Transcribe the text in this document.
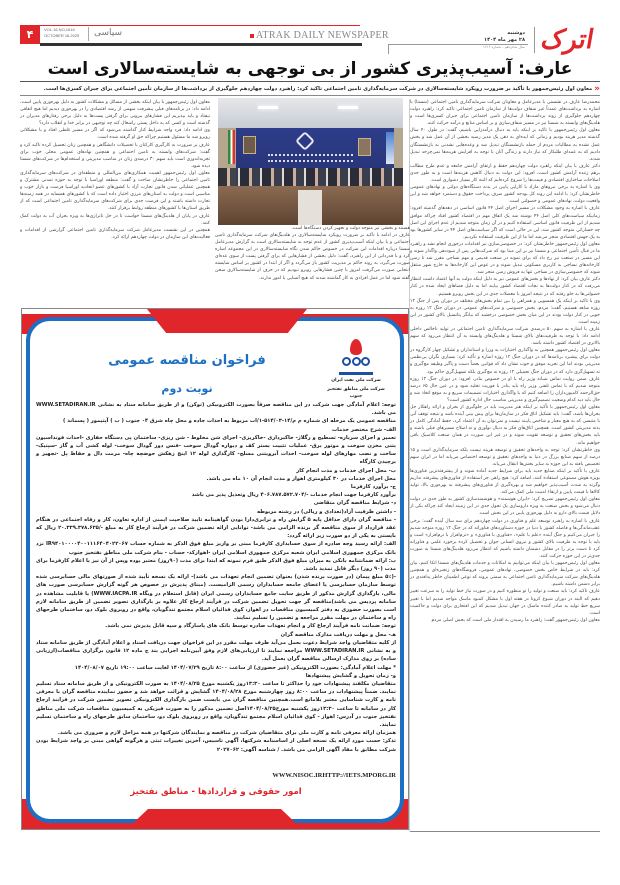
۴	VOL.16 NO.1616
OCTOBER 18.2025 سیاسی	ATRAK DAILY NEWSPAPER	دوشنبه
۲۸ مهر ماه ۱۴۰۴
سال شانزدهم - شماره ۱۶۱۶ اترک
عارف: آسیب‌پذیری کشور از بی توجهی به شایسته‌سالاری است
«معاون اول رئیس‌جمهور با تأکید بر ضرورت رویکرد شایسته‌سالاری در شرکت سرمایه‌گذاری تامین اجتماعی تاکید کرد: راهبرد دولت چهاردهم جلوگیری از برداشت‌ها از سازمان تأمین اجتماعی برای جبران کسری‌ها است.

محمدرضا عارف در نشستی با مدیرعامل و معاونان شرکت سرمایه‌گذاری تامین اجتماعی (شستا) با اشاره به برداشت‌های عمدتاً غیر شفاف دولت‌ها از سازمان تامین اجتماعی تاکید کرد: راهبرد دولت چهاردهم جلوگیری از روند برداشت‌ها از سازمان تامین اجتماعی برای جبران کسری‌ها است و هلدینگ‌های وابسته به شستا نیز در مسیر شفاف‌سازی و بر اساس منابع و درآمد حرکت کنند.

معاون اول رئیس‌جمهور با تاکید بر اینکه باید به دنبال درآمدزایی باشیم، گفت: در طول ۴۰ سال گذشته مدیر هزینه بودیم و زمانی که ایده‌ای به ذهن یک مدیر رسید بخشی از آن عمل شد و بخش عمل نشده به مطالبات مردم از جمله بازنشستگان تبدیل شد و وعده‌هایی نشدنی به بازنشستگان دادیم که به عمدای طلبکار که نیاز دارند و زندگی آنان با توجه به افزایش هزینه‌ها نمی‌چرخد تبدیل شدند.

دکتر عارف با بیان اینکه راهبرد دولت چهاردهم حفظ و ارتقای آرامش جامعه و عدم طرح مطالب برهم زننده آرامش کشور است، افزود: این دولت به دنبال کاهش هزینه‌ها است و به طور جدی اصلاحات ساختاری اقتصادی و قیمت‌ها را شروع کرده‌ایم که البته کار بسیار دشواری است.

وی با اشاره به برخی نیروهای مازاد با کارایی پایین در بدنه دستگاه‌های دولتی و نهادهای عمومی خاطرنشان کرد: با ادامه این روند کل بودجه کشور صرف پرداخت حقوق و دستمزد خواهد شد و این واقعیت دولت، نهادهای عمومی و خصولتی است.

عارف با اشاره به وجود مشکلات در مسیر اجرای اصل ۴۴ قانون اساسی در دهه‌های گذشته افزود: زمانیکه سیاست‌های کلی اصل ۴۴ نوشته شد یک اتفاق مهم در اقتصاد کشور افتاد چراکه موافق شدیم از این ظرفیت قانون اساسی استفاده کنیم و در آن زمان متوجه شدیم از عدم اجرای این اصل چه خساراتی متوجه کشور شد، این در حالی است که اگر سیاست‌های اصل ۴۴ در سایر کشورها بود به یک جهش اقتصادی منجر می‌شد اما ما از این ظرفیت استفاده نکردیم.

معاون اول رئیس‌جمهور خاطرنشان کرد: در خصوصی‌سازی نیز اقدامات درخوری انجام نشد و راهبرد ما در قبال تأمین اجتماعی و شستا نیز بر این مبنا بود که شرکت‌هایی پس از سوددهی واگذار شوند و این مسیر در صنعت نیز رخ داد که برای نمونه در صنعت قدیمی و مهم نساجی مقرر شد تا زمین کارخانه‌های نساجی به کاربری مسکونی تبدیل شوند و در عوض این کارخانه‌ها به خارج شهر منتقل شوند که خصوصی‌سازی در نساجی تنها به فروش زمین منجر شد.

دکتر عارف بیان کرد: از نهادها و بخش‌های عمومی نیز به دلیل اینکه دولت به آنها اعتماد داشت انتظار می‌رفت که در کنار دولت‌ها به نجات اقتصاد کشور بیایند اما به دلیل فضاهای ایجاد شده در کنار خصولتی‌ها به جلو رفتند که در نتیجه امروز با معضلات جدی در این بخش روبرو هستیم.

وی با تاکید بر اینکه یک همسویی و همراهی را بین تمام بخش‌های مختلف در دوران پس از جنگ ۱۲ روزه شاهد هستیم، گفت: مردم، بخش خصوصی و شرکت‌های عمومی در دوران جنگ ۱۲ روزه به خوبی در کنار دولت بودند در این میان بخش خصوصی درخشید که بیانگر پتانسیل بالای کشور در این زمینه است.

عارف با اشاره به سهم ۵۰ درصدی شرکت سرمایه‌گذاری تامین اجتماعی در تولید ناخالص داخلی ادامه داد: با توجه به ظرفیت‌های بالای شستا و هلدینگ‌های وابسته به آن انتظار می‌رود که سهم بالاتری در اقتصاد کشور داشته باشد.

معاون اول رئیس‌جمهور همچنین به واگذاری اختیارات به وزرا و استانداران و تشکیل چهار کارگروه در دولت برای پیشبرد برنامه‌ها که در دوران جنگ ۱۲ روزه اشاره و تأکید کرد: بسیاری نگران بی‌نظمی مدیریتی بودند اما این تجربه موفق و خوب نشان داد که قوانین بعضاً دست و پاگیر وظیفه مچ‌گیری و نه تسهیل‌گری دارد که در دوران جنگ تحمیلی ۱۲ روزه نه مچ‌گیری بلکه تسهیل‌گری حاکم بود.

عارف ضمن روایت تماس شبانه وزیر راه با او در خصوص بنادر، افزود: در دوران جنگ ۱۲ روزه متوجه شدیم که با تماس تلفنی وزیر راه باید بنادر با فوریت تخلیه شود و در عین حال ۶۵ درصد حق‌الزحمه کامیون‌داران را اضافه کنیم که با واگذاری اختیارات تصمیمات سریع و به موقع اتخاذ شد و حال باید دید کدام وضعیت تصمیم‌گیری و مدیریتی مناسب حال اداره کشور است؟

معاون اول رئیس‌جمهور با تأکید بر اینکه هنر مدیریت باید در جلوگیری از بحران و ارائه راهکار حل بحران‌ها باشد، گفت: باید تشکیل اتاق فکر در سازمان‌ها برای پیش بینی آینده باشد و نتیجه توقف آنی با متنسی که به هیچ معیار و شاخص پایبند نیست و نمی‌توان به آن اعتماد کرد، حفظ آمادگی کامل در بدنه مدیریتی کشور است. همچنین اتاق‌های فکر به دنبال نوآوری و نه اصلاح مسیرهای قبلی باشند و باید بخش‌های تحقیق و توسعه تقویت شوند و در غیر این صورت در همان صنعت کلاسیک باقی خواهیم ماند.

وی خاطرنشان کرد: توجه به واحدهای تحقیق و توسعه هزینه نیست بلکه سرمایه‌گذاری است و ۱۵ درصد از سهم صنایع بزرگ در دنیا به واحدهای تحقیق و توسعه اختصاص می‌یابد اما در ایران سهم تخصیص یافته به این حوزه به سایر بخش‌ها انتقال می‌یابد.

عارف با تأکید بر اینکه صنایع جدید باید برای شرایط جدید آماده شوند و از پیشرفته‌ترین فناوری‌ها بویژه هوش مصنوعی استفاده کنند، اضافه کرد: هیچ راهی جز استفاده از فناوری‌های پیشرفته نداریم وگرنه به شدت آسیب‌پذیر خواهیم شد و بهره‌گیری از فناوری‌های پیشرفته به بهره‌وری بالا، تولید کالاها با قیمت پایین و ارتقاء امنیت ملی کمک می‌کند.

معاون اول رئیس‌جمهور تصریح کرد: «ایران هوشمند» و هوشمندسازی کشور به طور جدی در دولت دنبال می‌شود و بخش صنعت به ویژه داروسازی یک تحول جدی در این زمینه ایجاد کند چراکه یکی از دلایل قیمت بالای دارو به دلیل بهره‌وری پایین در این بخش است.

عارف با اشاره به راهبرد توسعه علم و فناوری در دولت چهاردهم برای سه سال آینده گفت: برخی عقب‌ماندگی‌ها و فاصله کشور با دنیا در حوزه دستاوردهای فناورانه که در جنگ ۱۲ روزه متوجه شدیم را جبران می‌کنیم و جنگ آینده «علم با علم»، «فناوری با فناوری» و «نرم‌افزار با نرم‌افزار» است و باید با توجه به ظرفیت بالای کشور و نیروی انسانی جوان و تحصیل کرده برخورد علمی و فناورانه کرد تا دست برتر را در مقابل دشمنان داشته باشیم که انتظار می‌رود هلدینگ‌های شستا به صورت جدی‌تر در این حوزه حرکت کنند.

معاون اول رئیس‌جمهور با بیان اینکه می‌توانیم به امکانات و خدمات هلدینگ‌های شستا اتکا کنیم، بیان کرد: باید در شرایط خاص بخش خصوصی، نهادهای عمومی، فروشگاه‌های زنجیره‌ای و همچنین هلدینگ‌های شرکت سرمایه‌گذاری تامین اجتماعی به سمتی بروند که نوعی اطمینان خاطر پدافندی در برابر دشمن داشته باشیم.

عارف تاکید کرد: باید صنعت و تولید را تو منظوره کنیم و در صورت نیاز خط تولید را به سرعت تغییر دهیم که البته در دوران شیوع کرونا در هفته اول با مشکل کمبود ماسک مواجه شدیم اما با تغییر سریع خط تولید به صادر کننده ماسک در جهان تبدیل شدیم که این افتخاری برای دولت و حاکمیت است.

معاون اول رئیس‌جمهور گفت: راهبرد ما رسیدن به اقتدار ملی است که بخش اصلی مردم

هستند و بخشی نیز متوجه دولت و تجهیز کردن دستگاه‌ها است.

عارف در ادامه با تأکید بر ضرورت رویکرد شایسته‌سالاری در هلدینگ‌های شرکت سرمایه‌گذاری تامین اجتماعی و با بیان اینکه آسیب‌پذیری کشور از عدم توجه به شایسته‌سالاری است به گزارش مدیرعامل شستا درباره اقدامات این شرکت در خصوص حاکم شدن نگاه شایسته‌سالاری در این مجموعه اشاره کرد و با قدردانی از این راهبرد، گفت: دلیل بخشی از فشارهایی که برای گرفتن پست از سوی عده‌ای صورت می‌گیرد، به روند حاکم بر مدیریت کشور باز می‌گردد و اگر از ابتدا در کشور بر اساس شایسته انتخابی صورت می‌گرفت امروز با چنین فشارهایی روبرو نبودیم که در حرف از شایسته‌سالاری سخن گفته شود اما در عمل افرادی به کار گماشته شدند که هیچ آشنایی با امور ندارند.

معاون اول رئیس‌جمهور با بیان اینکه بخشی از مسائل و مشکلات کشور به دلیل بهره‌وری پایین است، ادامه داد: در برنامه‌های قبلی پیشرفت سهمی از رشد اقتصادی را در بهره‌وری دیدیم اما هیچ اتفاقی نیفتاد و باید بپذیریم این فشارهای بیرونی برای گرفتن پست‌ها به دلیل برخی رفتارهای مدیران در گذشته است و کسی که به داخل پستی راشغال کند چه توجیهی در برابر خدا و انقلاب دارد؟

وی ادامه داد: فرد واجد شرایط کنار گذاشته می‌شود که اگر در مسیر غلطی افتاد و با مشکلاتی روبرو شد ما مسئول هستیم چراکه حق او گرفته شده است.

عارف بر ضرورت به کارگیری کارکنان با تحصیلات دانشگاهی و همچنین زنان تحصیل کرده تاکید کرد و گفت: شرکت‌های وابسته به تامین اجتماعی و همچنین نهادهای عمومی محلی خوب برای تجربه‌اندوزی است باید سهم ۳۰ درصدی زنان در مناصب مدیریتی و استخدام‌ها در شرکت‌های شستا دیده شود.

معاون اول رئیس‌جمهور اهمیت همکاری‌های بین‌المللی و منطقه‌ای در شرکت‌های سرمایه‌گذاری تامین اجتماعی را خاطرنشان ساخت و گفت: منطقه اوراسیا با توجه به حوزه تمدنی مشترک و همچنین عملیاتی شدن قانون تجارت آزاد با کشورهای عضو اتحادیه اوراسیا فرصت و بازار خوب و مناسبی است و دولت به استان‌های مرزی اختیار داده است که با کشورهای همسایه در همه زمینه‌ها تجارت داشته باشند و این فرصت جدی برای شرکت‌های سرمایه‌گذاری تامین اجتماعی است که از طریق استان‌ها با کشورهای منطقه روابط برقرار کنند.

عارف در پایان از هلدینگ‌های شستا خواست تا در حل ناترازی‌ها به ویژه بحران آب به دولت کمک کنند.

همچنین در این نشست مدیرعامل شرکت سرمایه‌گذاری تامین اجتماعی گزارشی از اقدامات و فعالیت‌های این سازمان در دولت چهاردهم ارائه کرد.

شرکت ملی نفت ایران
شرکت ملی مناطق نفتخیز جنوب
فراخوان مناقصه عمومی
نوبت دوم

توجه: اعلام آمادگی جهت شرکت در این مناقصه صرفاً بصورت الکترونیکی (توکن) و از طریق سامانه ستاد به نشانی WWW.SETADIRAN.IR می باشد.

مناقصه عمومی یک مرحله ای شماره م م/۱۴-۵۱۴/۰۳-۱/ات مربوط به احداث جاده و محل چاه شرق ۰۴ جنوب ( ب ) آپتیمور ( پسماند )

الف- شرح مختصر خدمات

تعمیر و اجرای سرباره- تسطیح و رگلاژ- خاکبرداری -خاکریزی- اجرای شن مخلوط - شن ریزی- ساختمان پی دستگاه حفاری -احداث فونداسیون بتنی مخزن سوخت و موتور برق- عملیات تثبیت بستر کف و دیواره گودال سوخت -فنس دور گودال سوخت- لوله کشی آب و گاز -سپتیک- ساخت و نصب مهارهای لوله سوخت- احداث آبرویتنی مسلح- کارگذاری لوله ۱۲ اینچ زهکش حوضچه چاه- مرمت دال و حفاظ پل -تجهیز و برچیدن کارگاه

ب- محل اجرای خدمات و مدت انجام کار

محل اجرای خدمات در ۳۰ کیلومتری اهواز و مدت انجام آن ۱۰ ماه می باشد.

ج- برآورد کارفرما

برآورد کارفرما جهت انجام خدمات -/۴۰۶.۷۸۷.۵۷۲.۷۰۴ ریال وتعدیل پذیر می باشد

د- شرایط مناقصه گران متقاضی

- داشتن ظرفیت آزاد(تعدادی و ریالی) در رشته مربوطه

- مناقصه گران دارای حداقل پایه ۵ گرایش راه و ترابری‌دارا بودن گواهینامه تایید صلاحیت ایمنی از اداره تعاون، کار و رفاه اجتماعی در هنگام عقد قرارداد از سوی مناقصه گر برنده الزامی می باشد- توانایی ارائه تضمین شرکت در فرآیند ارجاع کار به مبلغ -/۲۰.۳۳۹.۳۷۸.۶۳۵ ریال که بایستی به یکی از دو صورت زیر ارائه گردد:

الف: ارائه رسید وجه صادره از سوی حسابداری کارفرما مبنی بر واریز مبلغ فوق الذکر به شماره حساب IR۹۴۰۱۰۰۰۰۴۰۰۱۱۱۶۴۰۴۰۲۲۰۶۷ نزد بانک مرکزی جمهوری اسلامی ایران شعبه مرکزی جمهوری اسلامی ایران -اهوازکد- حساب - بنام شرکت ملی مناطق نفتخیز جنوب

ب: ارائه ضمانتنامه بانکی به میزان مبلغ فوق الذکر طبق فرم نمونه که ابتدا برای مدت (۹۰روز) معتبر بوده وپس از آن نیز با اعلام کارفرما برای مدت (۹۰ روز) دیگر قابل تمدید باشد.

-(۵٪ مبلغ پیمان (در صورت برنده شدن) بعنوان تضمین انجام تعهدات می باشد)- ارائه یک نسخه تأیید شده از صورتهای مالی حسابرسی شده توسط سازمان حسابرسی یا اعضای جامعه حسابداران رسمی الزامیست. (مبنای پذیرش در خصوص هر گونه گزارش حسابرسی صورت های مالی، بارگذاری گزارش مذکور از طریق سایت جامع حسابداران رسمی ایران (قابل استعلام در وبگاه WWW.IACPA.IR) یا قابلیت مشاهده در سامانه پردیس می باشد)مناقصه گر جهت تحویل تضمین شرکت در فرآیند ارجاع کار علاوه بر بارگذاری تصویر تضمین از طریق سامانه لازم است بصورت حضوری به دفتر کمیسیون مناقصات در اهواز، کوی فدائیان اسلام مجتمع تندگویان، واقع در روبروی بلوک دو، ساختمان طرحهای راه و ساختمان در مهلت مقرر مراجعه و تضمین را تسلیم نمایند.

توجه: ضمانت نامه فرآیند ارجاع کار و انجام تعهدات صادره توسط بانک های پاسارگاد و سپه قابل پذیرش نمی باشد.

هـ- محل و مهلت دریافت مدارک مناقصه گران

از کلیه متقاضیان واجد شرایط دعوت بعمل می‌آید ظرف مهلت مقرر در این فراخوان جهت دریافت اسناد و اعلام آمادگی از طریق سامانه ستاد و به نشانی WWW.SETADIRAN.IR مراجعه نمایند تا ارزیابی‌های لازم وفق آیین‌نامه اجرایی بند ج ماده ۱۲ قانون برگزاری مناقصات(ارزیابی ساده) بر روی مدارک ارسالی مناقصه گران بعمل آید.

* مهلت اعلام آمادگی: بصورت الکترونیکی (غیر حضوری) از ساعت ۸:۰۰ تاریخ ۱۴۰۴/۰۷/۲۹ لغایت ساعت ۱۹:۰۰ تاریخ ۱۴۰۴/۰۸/۰۷

و- زمان تحویل و گشایش پیشنهادها

متقاضیان مکلفند پیشنهادات خود را حداکثر تا ساعت ۱۳:۳۰روز یکشنبه مورخ ۱۴۰۴/۰۸/۲۵ به صورت الکترونیکی و از طریق سامانه ستاد تسلیم نمایند. ضمناً پیشنهادات در ساعت ۸:۰۰ روز چهارشنبه مورخ ۱۴۰۴/۰۸/۲۸ گشایش و قرائت خواهد شد و حضور نماینده مناقصه گران با معرفی نامه و کارت شناسایی معتبر بلامانع است.همچنین مناقصه گران می بایست ضمن بارگذاری الکترونیکی تصویر تضمین شرکت در فرایند ارجاع کار در سامانه تا ساعت ۱۳:۳۰روز یکشنبه مورخ۱۴۰۴/۰۸/۲۵اصل تضمین مذکور را به صورت فیزیکی به کمیسیون مناقصات شرکت ملی مناطق نفتخیز جنوب در آدرس: اهواز - کوی فدائیان اسلام مجتمع تندگویان، واقع در روبروی بلوک دو، ساختمان سابق طرحهای راه و ساختمان تسلیم نمایند.

همزمان ارائه معرفی نامه و کارت ملی برای متقاضیان شرکت در مناقصه و نمایندگان شرکتها در همه مراحل لازم و ضروری می باشد.

تذکر: حسب مورد ارائه یک نسخه اصلی از اساسنامه شرکتها، آگهی تاسیس، آخرین تغییرات ثبتی و هرگونه گواهی مبنی بر واجد شرایط بودن شرکت مطابق با مفاد آگهی الزامی می باشد. / شناسه آگهی: ۲۰۲۷۰۶۲

WWW.NISOC.IRHTTP://IETS.MPORG.IR
امور حقوقی و قراردادها - مناطق نفتخیز
